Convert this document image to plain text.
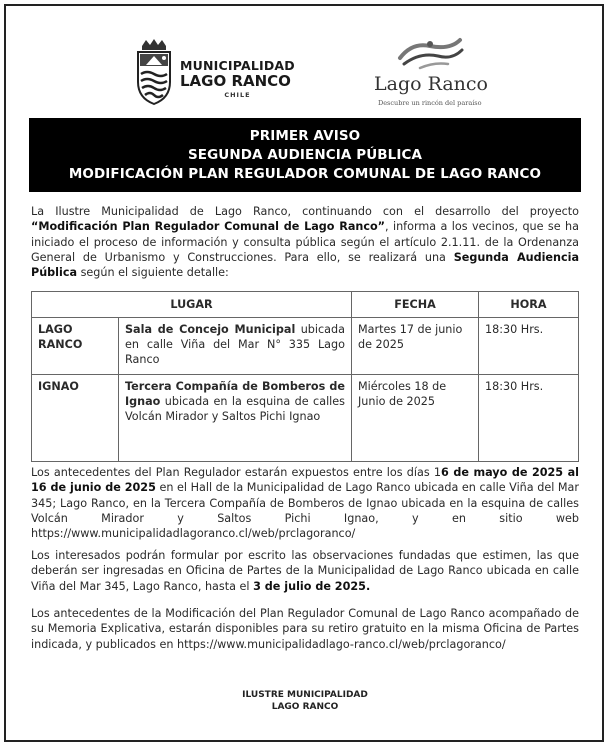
MUNICIPALIDAD
LAGO RANCO
CHILE	Lago Ranco
Descubre un rincón del paraíso
PRIMER AVISO
SEGUNDA AUDIENCIA PÚBLICA
MODIFICACIÓN PLAN REGULADOR COMUNAL DE LAGO RANCO
La Ilustre Municipalidad de Lago Ranco, continuando con el desarrollo del proyecto “Modificación Plan Regulador Comunal de Lago Ranco”, informa a los vecinos, que se ha iniciado el proceso de información y consulta pública según el artículo 2.1.11. de la Ordenanza General de Urbanismo y Construcciones. Para ello, se realizará una Segunda Audiencia Pública según el siguiente detalle:
LUGAR		FECHA	HORA
LAGO RANCO	Sala de Concejo Municipal ubicada en calle Viña del Mar N° 335 Lago Ranco	Martes 17 de junio de 2025	18:30 Hrs.
IGNAO	Tercera Compañía de Bomberos de Ignao ubicada en la esquina de calles Volcán Mirador y Saltos Pichi Ignao	Miércoles 18 de Junio de 2025	18:30 Hrs.
Los antecedentes del Plan Regulador estarán expuestos entre los días 16 de mayo de 2025 al 16 de junio de 2025 en el Hall de la Municipalidad de Lago Ranco ubicada en calle Viña del Mar 345; Lago Ranco, en la Tercera Compañía de Bomberos de Ignao ubicada en la esquina de calles Volcán Mirador y Saltos Pichi Ignao, y en sitio web https://www.municipalidadlagoranco.cl/web/prclagoranco/
Los interesados podrán formular por escrito las observaciones fundadas que estimen, las que deberán ser ingresadas en Oficina de Partes de la Municipalidad de Lago Ranco ubicada en calle Viña del Mar 345, Lago Ranco, hasta el 3 de julio de 2025.
Los antecedentes de la Modificación del Plan Regulador Comunal de Lago Ranco acompañado de su Memoria Explicativa, estarán disponibles para su retiro gratuito en la misma Oficina de Partes indicada, y publicados en https://www.municipalidadlago-ranco.cl/web/prclagoranco/
ILUSTRE MUNICIPALIDAD
LAGO RANCO
